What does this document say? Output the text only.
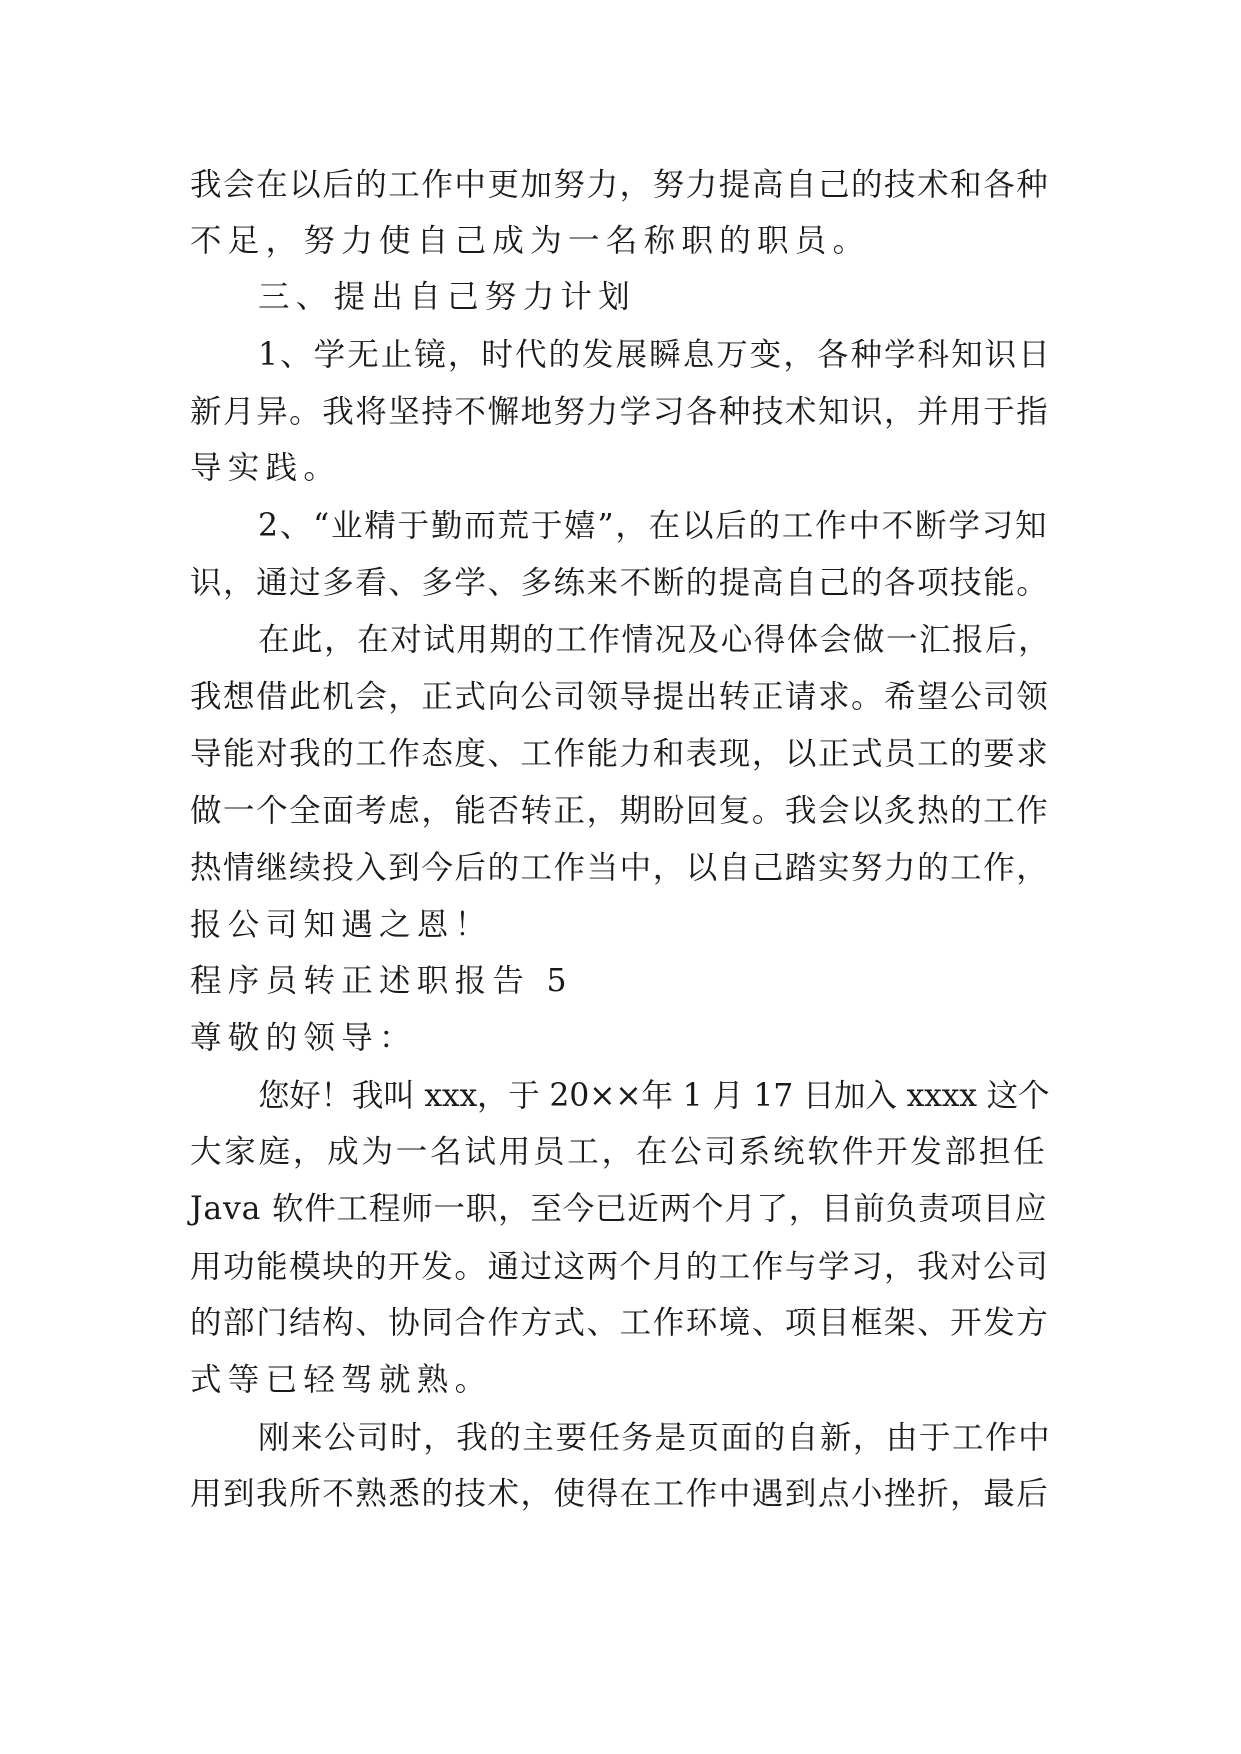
我会在以后的工作中更加努力，努力提高自己的技术和各种
不足，努力使自己成为一名称职的职员。
三、提出自己努力计划
1、学无止镜，时代的发展瞬息万变，各种学科知识日
新月异。我将坚持不懈地努力学习各种技术知识，并用于指
导实践。
2、“业精于勤而荒于嬉”，在以后的工作中不断学习知
识，通过多看、多学、多练来不断的提高自己的各项技能。
在此，在对试用期的工作情况及心得体会做一汇报后，
我想借此机会，正式向公司领导提出转正请求。希望公司领
导能对我的工作态度、工作能力和表现，以正式员工的要求
做一个全面考虑，能否转正，期盼回复。我会以炙热的工作
热情继续投入到今后的工作当中，以自己踏实努力的工作，
报公司知遇之恩！
程序员转正述职报告 5
尊敬的领导：
您好！我叫 xxx，于 20××年 1 月 17 日加入 xxxx 这个
大家庭，成为一名试用员工，在公司系统软件开发部担任
Java 软件工程师一职，至今已近两个月了，目前负责项目应
用功能模块的开发。通过这两个月的工作与学习，我对公司
的部门结构、协同合作方式、工作环境、项目框架、开发方
式等已轻驾就熟。
刚来公司时，我的主要任务是页面的自新，由于工作中
用到我所不熟悉的技术，使得在工作中遇到点小挫折，最后
